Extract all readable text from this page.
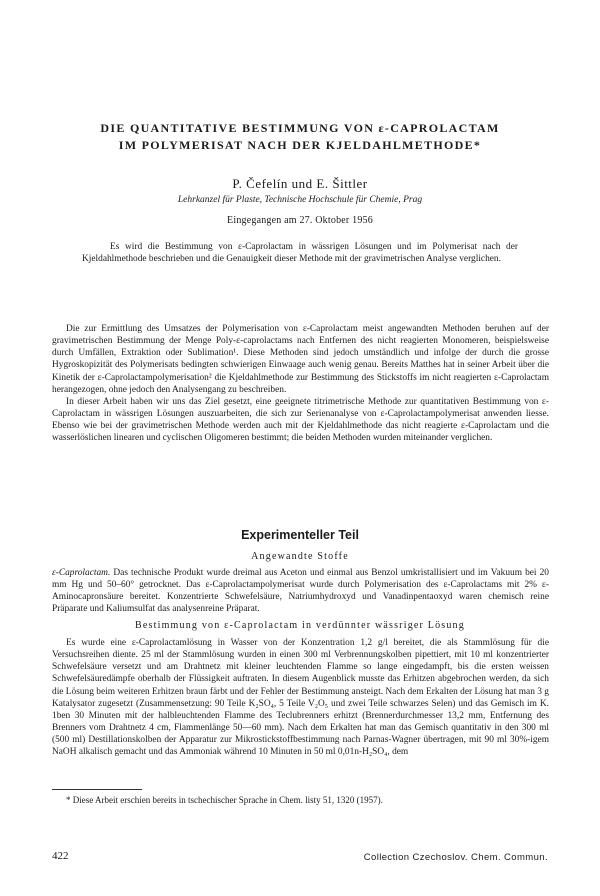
DIE QUANTITATIVE BESTIMMUNG VON ε-CAPROLACTAM
IM POLYMERISAT NACH DER KJELDAHLMETHODE*
P. Čefelín und E. Šittler
Lehrkanzel für Plaste, Technische Hochschule für Chemie, Prag
Eingegangen am 27. Oktober 1956

Es wird die Bestimmung von ε-Caprolactam in wässrigen Lösungen und im Polymerisat nach der Kjeldahlmethode beschrieben und die Genauigkeit dieser Methode mit der gravimetrischen Analyse verglichen.

Die zur Ermittlung des Umsatzes der Polymerisation von ε-Caprolactam meist angewandten Methoden beruhen auf der gravimetrischen Bestimmung der Menge Poly-ε-caprolactams nach Entfernen des nicht reagierten Monomeren, beispielsweise durch Umfällen, Extraktion oder Sublimation¹. Diese Methoden sind jedoch umständlich und infolge der durch die grosse Hygroskopizität des Polymerisats bedingten schwierigen Einwaage auch wenig genau. Bereits Matthes hat in seiner Arbeit über die Kinetik der ε-Caprolactampolymerisation² die Kjeldahlmethode zur Bestimmung des Stickstoffs im nicht reagierten ε-Caprolactam herangezogen, ohne jedoch den Analysengang zu beschreiben.

In dieser Arbeit haben wir uns das Ziel gesetzt, eine geeignete titrimetrische Methode zur quantitativen Bestimmung von ε-Caprolactam in wässrigen Lösungen auszuarbeiten, die sich zur Serienanalyse von ε-Caprolactampolymerisat anwenden liesse. Ebenso wie bei der gravimetrischen Methode werden auch mit der Kjeldahlmethode das nicht reagierte ε-Caprolactam und die wasserlöslichen linearen und cyclischen Oligomeren bestimmt; die beiden Methoden wurden miteinander verglichen.

Experimenteller Teil
Angewandte Stoffe

ε-Caprolactam. Das technische Produkt wurde dreimal aus Aceton und einmal aus Benzol umkristallisiert und im Vakuum bei 20 mm Hg und 50–60° getrocknet. Das ε-Caprolactampolymerisat wurde durch Polymerisation des ε-Caprolactams mit 2% ε-Aminocapronsäure bereitet. Konzentrierte Schwefelsäure, Natriumhydroxyd und Vanadinpentaoxyd waren chemisch reine Präparate und Kaliumsulfat das analysenreine Präparat.

Bestimmung von ε-Caprolactam in verdünnter wässriger Lösung

Es wurde eine ε-Caprolactamlösung in Wasser von der Konzentration 1,2 g/l bereitet, die als Stammlösung für die Versuchsreihen diente. 25 ml der Stammlösung wurden in einen 300 ml Verbrennungskolben pipettiert, mit 10 ml konzentrierter Schwefelsäure versetzt und am Drahtnetz mit kleiner leuchtenden Flamme so lange eingedampft, bis die ersten weissen Schwefelsäuredämpfe oberhalb der Flüssigkeit auftraten. In diesem Augenblick musste das Erhitzen abgebrochen werden, da sich die Lösung beim weiteren Erhitzen braun färbt und der Fehler der Bestimmung ansteigt. Nach dem Erkalten der Lösung hat man 3 g Katalysator zugesetzt (Zusammensetzung: 90 Teile K₂SO₄, 5 Teile V₂O₅ und zwei Teile schwarzes Selen) und das Gemisch im K. 1ben 30 Minuten mit der halbleuchtenden Flamme des Teclubrenners erhitzt (Brennerdurchmesser 13,2 mm, Entfernung des Brenners vom Drahtnetz 4 cm, Flammenlänge 50—60 mm). Nach dem Erkalten hat man das Gemisch quantitativ in den 300 ml (500 ml) Destillationskolben der Apparatur zur Mikrostickstoffbestimmung nach Parnas-Wagner übertragen, mit 90 ml 30%-igem NaOH alkalisch gemacht und das Ammoniak während 10 Minuten in 50 ml 0,01n-H₂SO₄, dem

* Diese Arbeit erschien bereits in tschechischer Sprache in Chem. listy 51, 1320 (1957).
422	Collection Czechoslov. Chem. Commun.
